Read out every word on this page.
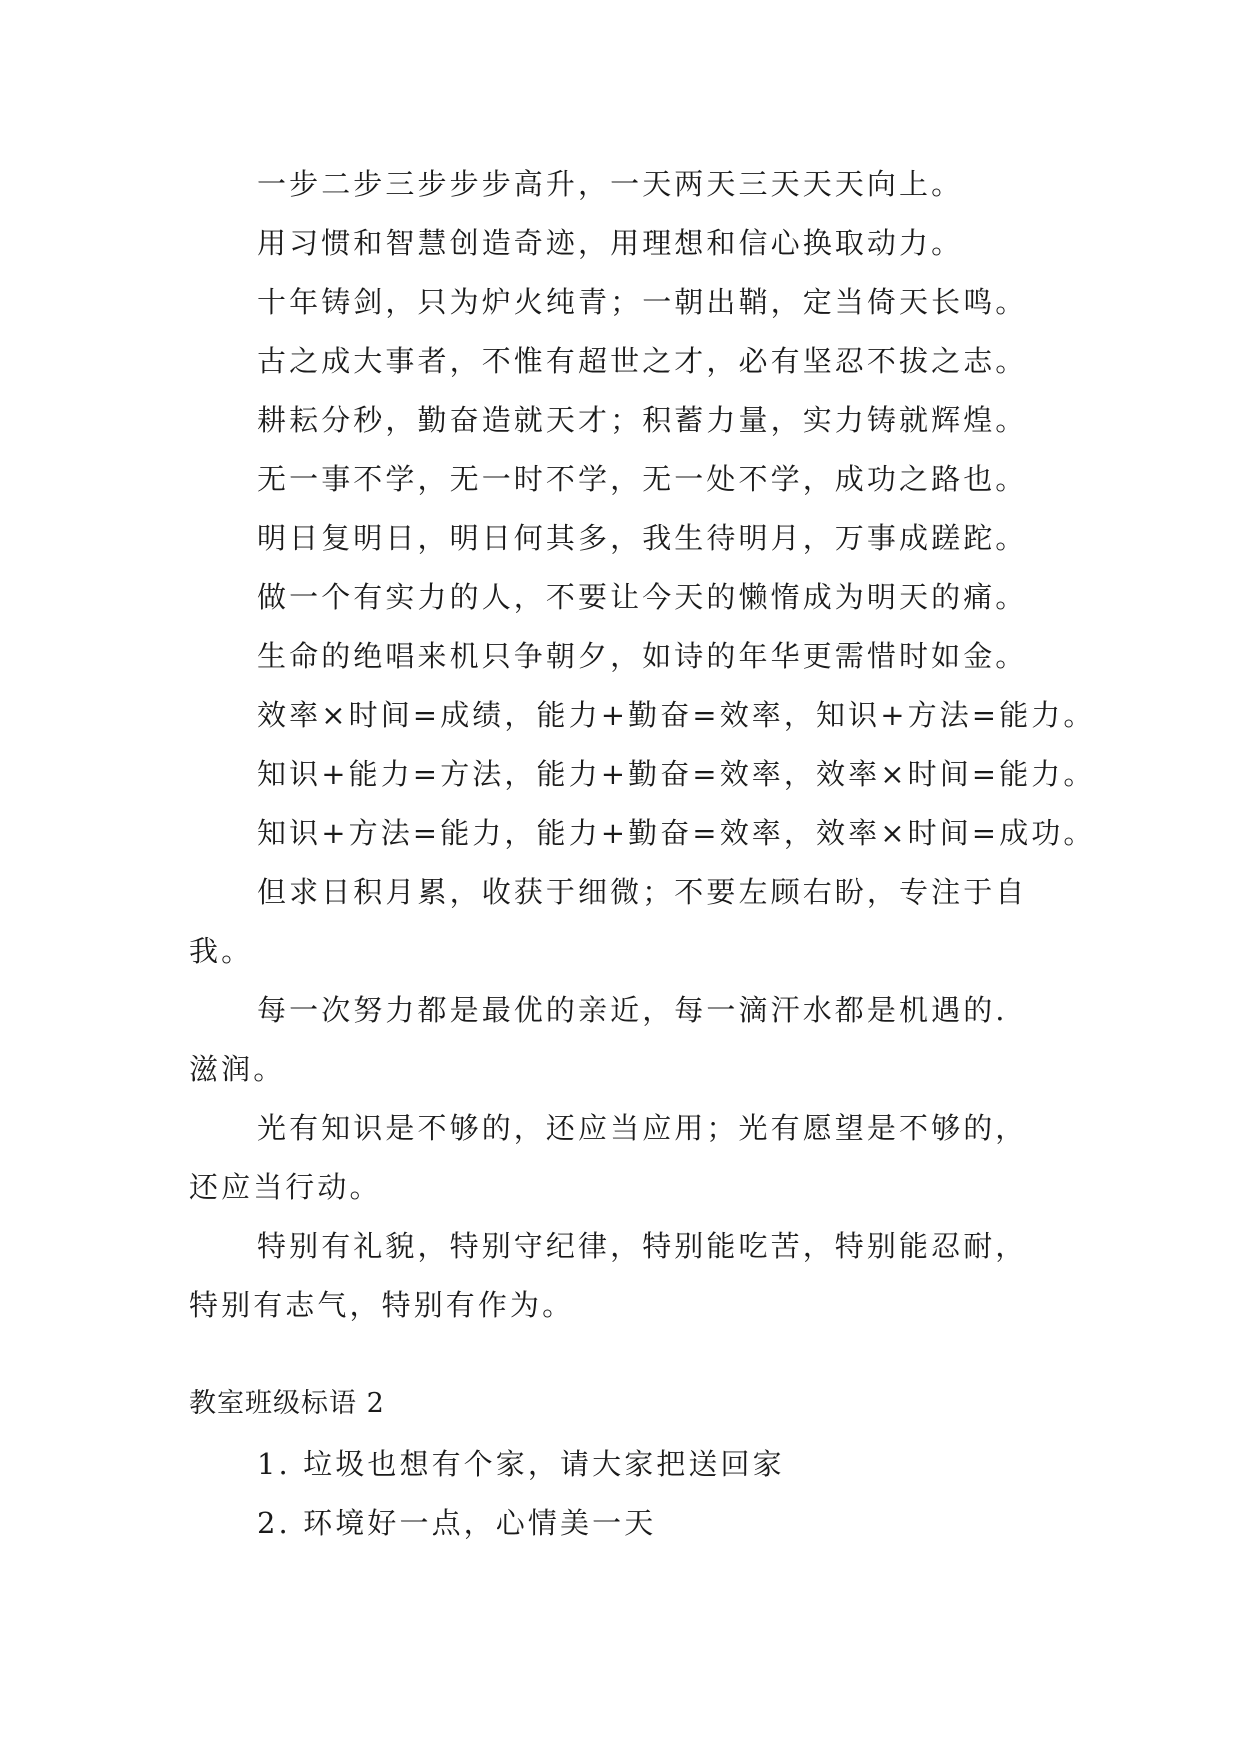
一步二步三步步步高升，一天两天三天天天向上。
用习惯和智慧创造奇迹，用理想和信心换取动力。
十年铸剑，只为炉火纯青；一朝出鞘，定当倚天长鸣。
古之成大事者，不惟有超世之才，必有坚忍不拔之志。
耕耘分秒，勤奋造就天才；积蓄力量，实力铸就辉煌。
无一事不学，无一时不学，无一处不学，成功之路也。
明日复明日，明日何其多，我生待明月，万事成蹉跎。
做一个有实力的人，不要让今天的懒惰成为明天的痛。
生命的绝唱来机只争朝夕，如诗的年华更需惜时如金。
效率×时间=成绩，能力+勤奋=效率，知识+方法=能力。
知识+能力=方法，能力+勤奋=效率，效率×时间=能力。
知识+方法=能力，能力+勤奋=效率，效率×时间=成功。
但求日积月累，收获于细微；不要左顾右盼，专注于自
我。
每一次努力都是最优的亲近，每一滴汗水都是机遇的.
滋润。
光有知识是不够的，还应当应用；光有愿望是不够的，
还应当行动。
特别有礼貌，特别守纪律，特别能吃苦，特别能忍耐，
特别有志气，特别有作为。
教室班级标语 2
1. 垃圾也想有个家，请大家把送回家
2. 环境好一点，心情美一天
